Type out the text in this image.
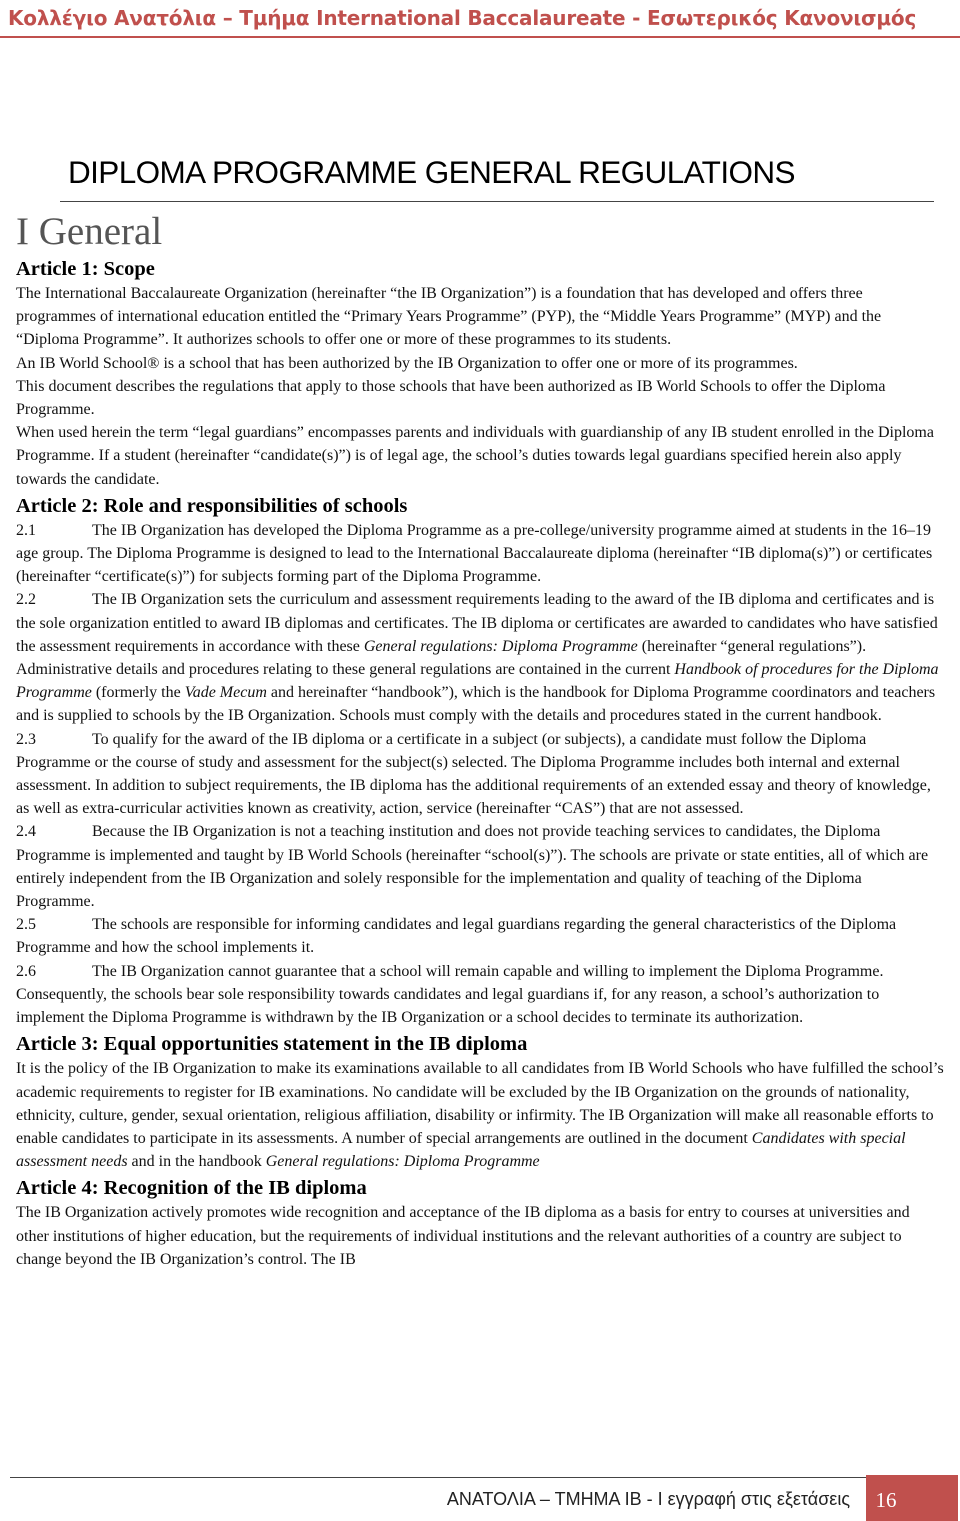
Κολλέγιο Ανατόλια – Τμήμα International Baccalaureate - Εσωτερικός Κανονισμός
DIPLOMA PROGRAMME GENERAL REGULATIONS
I General
Article 1: Scope

The International Baccalaureate Organization (hereinafter “the IB Organization”) is a foundation that has developed and offers three programmes of international education entitled the “Primary Years Programme” (PYP), the “Middle Years Programme” (MYP) and the “Diploma Programme”. It authorizes schools to offer one or more of these programmes to its students.

An IB World School® is a school that has been authorized by the IB Organization to offer one or more of its programmes.

This document describes the regulations that apply to those schools that have been authorized as IB World Schools to offer the Diploma Programme.

When used herein the term “legal guardians” encompasses parents and individuals with guardianship of any IB student enrolled in the Diploma Programme. If a student (hereinafter “candidate(s)”) is of legal age, the school’s duties towards legal guardians specified herein also apply towards the candidate.

Article 2: Role and responsibilities of schools

2.1	The IB Organization has developed the Diploma Programme as a pre‐college/university programme aimed at students in the 16–19 age group. The Diploma Programme is designed to lead to the International Baccalaureate diploma (hereinafter “IB diploma(s)”) or certificates (hereinafter “certificate(s)”) for subjects forming part of the Diploma Programme.

2.2	The IB Organization sets the curriculum and assessment requirements leading to the award of the IB diploma and certificates and is the sole organization entitled to award IB diplomas and certificates. The IB diploma or certificates are awarded to candidates who have satisfied the assessment requirements in accordance with these General regulations: Diploma Programme (hereinafter “general regulations”). Administrative details and procedures relating to these general regulations are contained in the current Handbook of procedures for the Diploma Programme (formerly the Vade Mecum and hereinafter “handbook”), which is the handbook for Diploma Programme coordinators and teachers and is supplied to schools by the IB Organization. Schools must comply with the details and procedures stated in the current handbook.

2.3	To qualify for the award of the IB diploma or a certificate in a subject (or subjects), a candidate must follow the Diploma Programme or the course of study and assessment for the subject(s) selected. The Diploma Programme includes both internal and external assessment. In addition to subject requirements, the IB diploma has the additional requirements of an extended essay and theory of knowledge, as well as extra-curricular activities known as creativity, action, service (hereinafter “CAS”) that are not assessed.

2.4	Because the IB Organization is not a teaching institution and does not provide teaching services to candidates, the Diploma Programme is implemented and taught by IB World Schools (hereinafter “school(s)”). The schools are private or state entities, all of which are entirely independent from the IB Organization and solely responsible for the implementation and quality of teaching of the Diploma Programme.

2.5	The schools are responsible for informing candidates and legal guardians regarding the general characteristics of the Diploma Programme and how the school implements it.

2.6	The IB Organization cannot guarantee that a school will remain capable and willing to implement the Diploma Programme. Consequently, the schools bear sole responsibility towards candidates and legal guardians if, for any reason, a school’s authorization to implement the Diploma Programme is withdrawn by the IB Organization or a school decides to terminate its authorization.

Article 3: Equal opportunities statement in the IB diploma

It is the policy of the IB Organization to make its examinations available to all candidates from IB World Schools who have fulfilled the school’s academic requirements to register for IB examinations. No candidate will be excluded by the IB Organization on the grounds of nationality, ethnicity, culture, gender, sexual orientation, religious affiliation, disability or infirmity. The IB Organization will make all reasonable efforts to enable candidates to participate in its assessments. A number of special arrangements are outlined in the document Candidates with special assessment needs and in the handbook General regulations: Diploma Programme

Article 4: Recognition of the IB diploma

The IB Organization actively promotes wide recognition and acceptance of the IB diploma as a basis for entry to courses at universities and other institutions of higher education, but the requirements of individual institutions and the relevant authorities of a country are subject to change beyond the IB Organization’s control. The IB

ΑΝΑΤΟΛΙΑ – ΤΜΗΜΑ IB - Ι εγγραφή στις εξετάσεις	16
